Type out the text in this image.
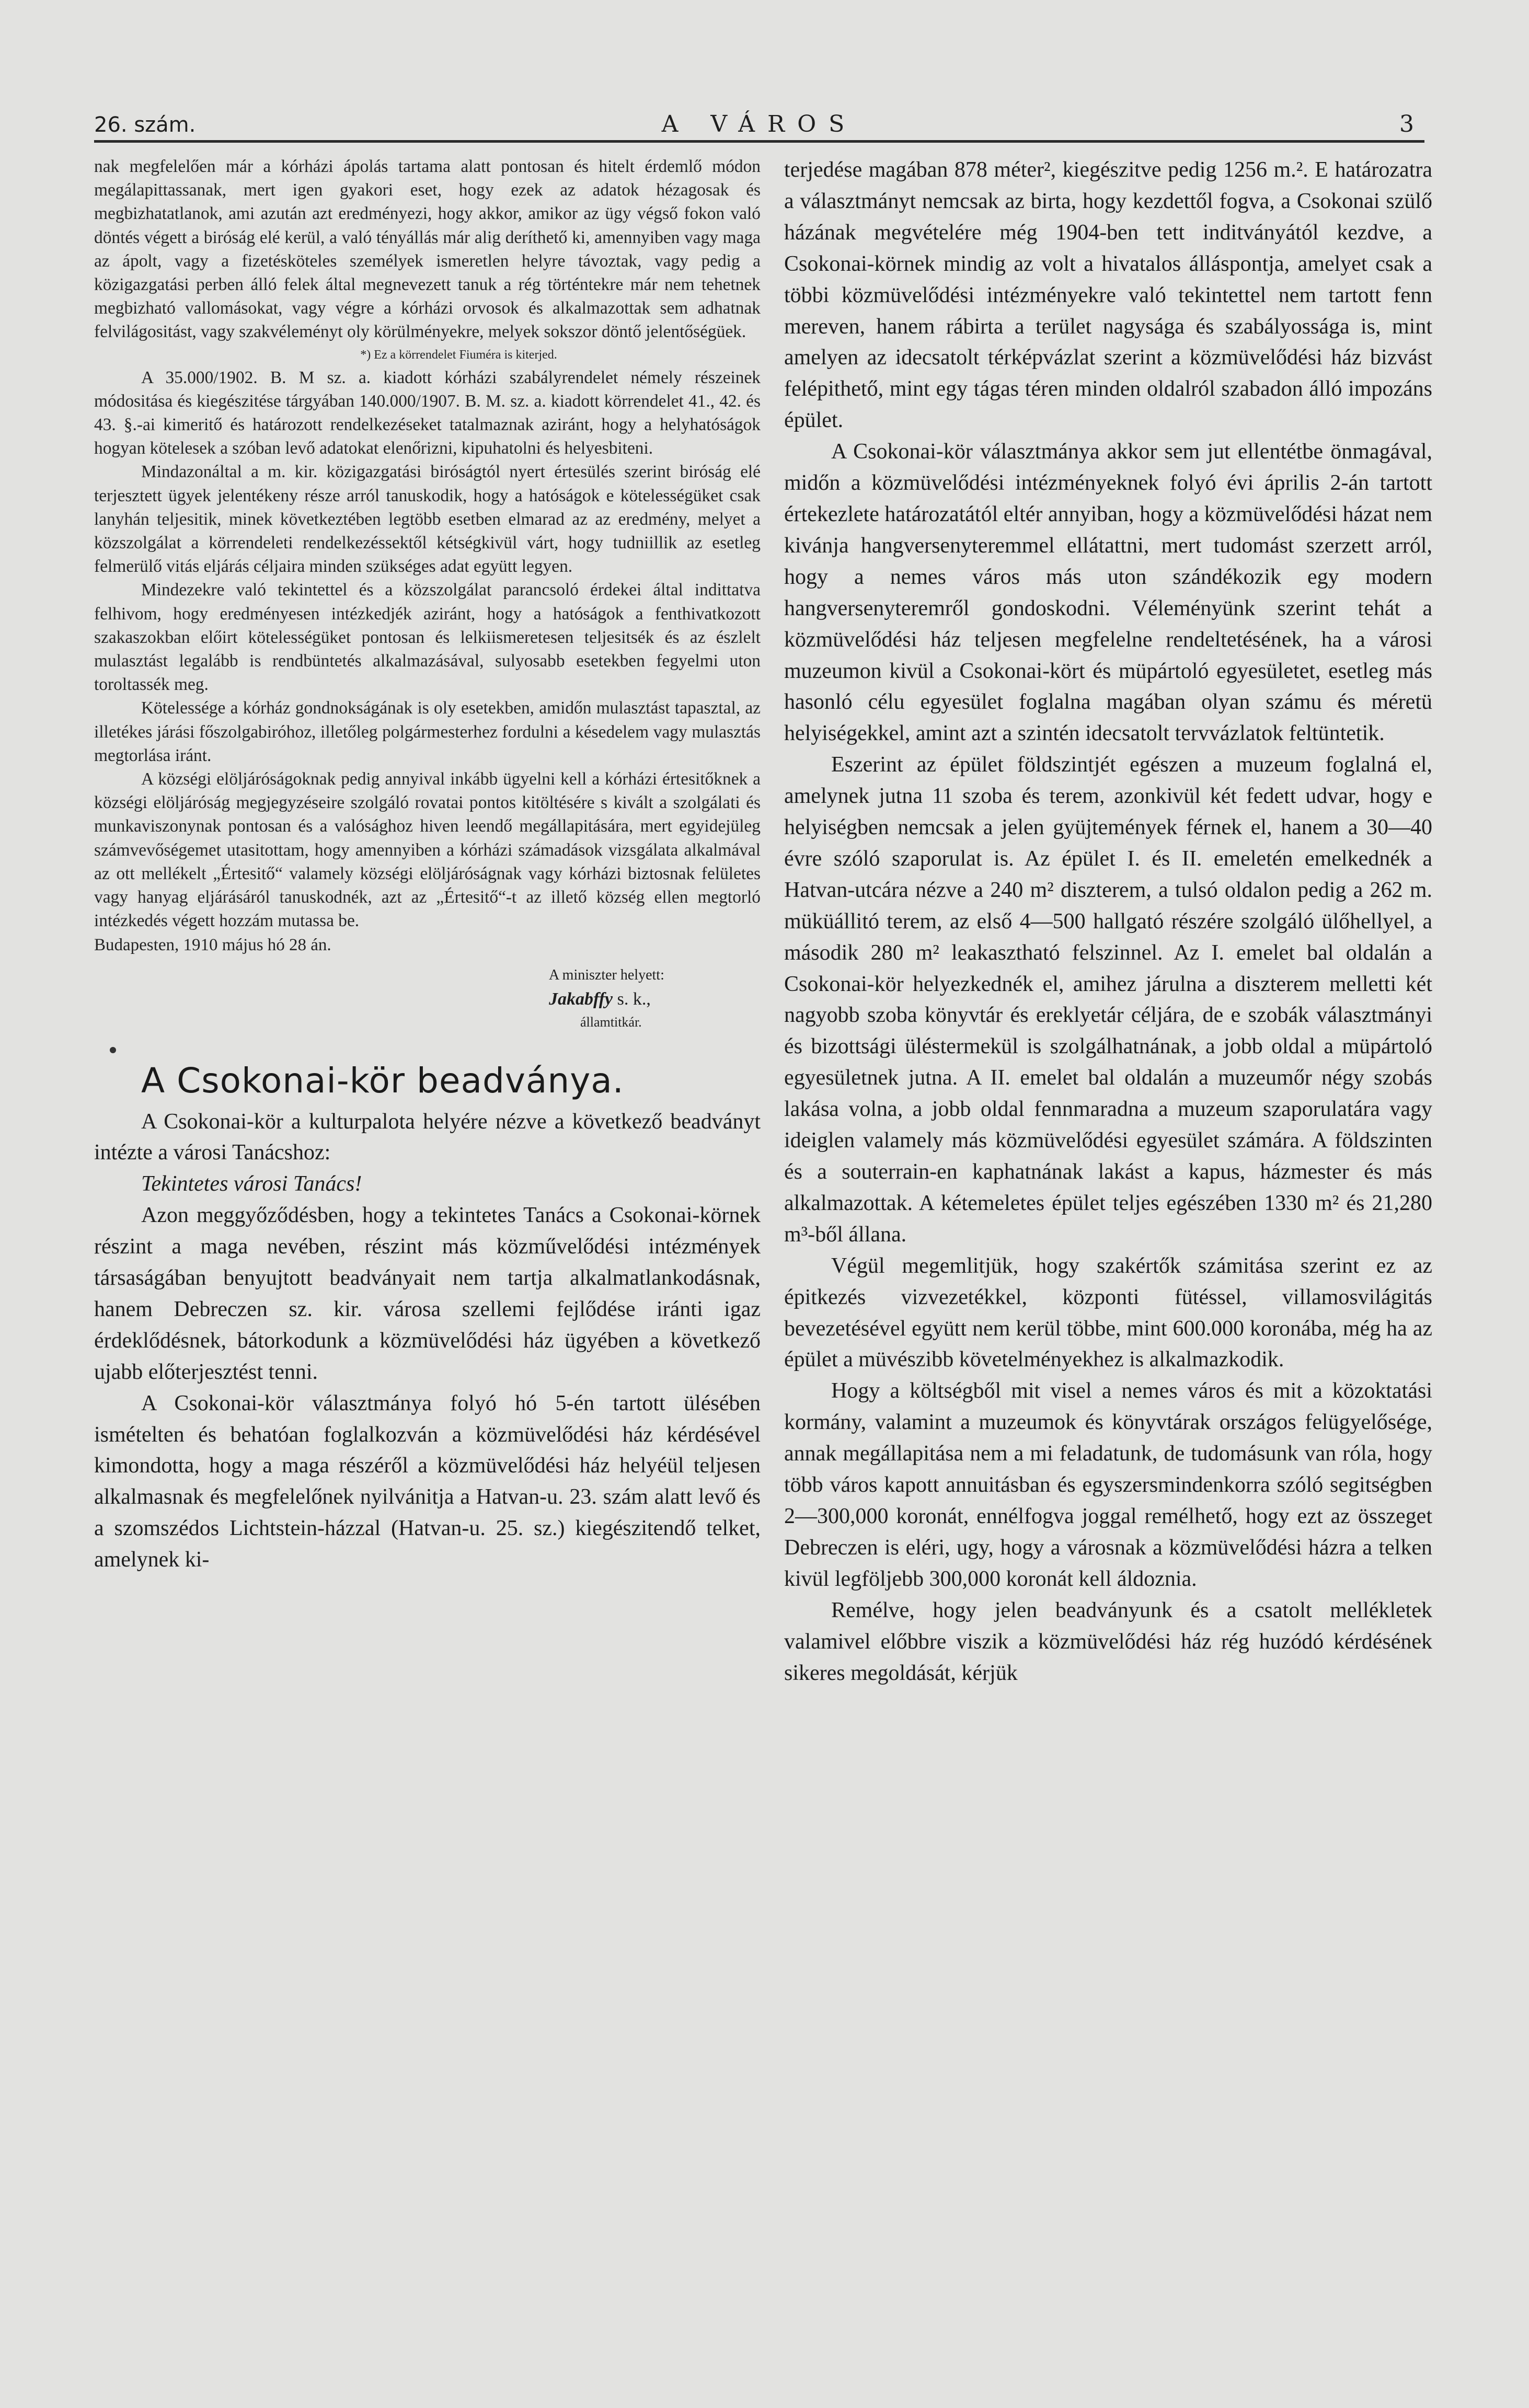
26. szám.	A VÁROS	3

nak megfelelően már a kórházi ápolás tartama alatt pontosan és hitelt érdemlő módon megálapittassanak, mert igen gyakori eset, hogy ezek az adatok hézagosak és megbizhatatlanok, ami azután azt eredményezi, hogy akkor, amikor az ügy végső fokon való döntés végett a biróság elé kerül, a való tényállás már alig deríthető ki, amennyiben vagy maga az ápolt, vagy a fizetésköteles személyek ismeretlen helyre távoztak, vagy pedig a közigazgatási perben álló felek által megnevezett tanuk a rég történtekre már nem tehetnek megbizható vallomásokat, vagy végre a kórházi orvosok és alkalmazottak sem adhatnak felvilágositást, vagy szakvéleményt oly körülményekre, melyek sokszor döntő jelentőségüek.

*) Ez a körrendelet Fiuméra is kiterjed.

A 35.000/1902. B. M sz. a. kiadott kórházi szabályrendelet némely részeinek módositása és kiegészitése tárgyában 140.000/1907. B. M. sz. a. kiadott körrendelet 41., 42. és 43. §.-ai kimeritő és határozott rendelkezéseket tatalmaznak aziránt, hogy a helyhatóságok hogyan kötelesek a szóban levő adatokat elenőrizni, kipuhatolni és helyesbiteni.

Mindazonáltal a m. kir. közigazgatási biróságtól nyert értesülés szerint biróság elé terjesztett ügyek jelentékeny része arról tanuskodik, hogy a hatóságok e kötelességüket csak lanyhán teljesitik, minek következtében legtöbb esetben elmarad az az eredmény, melyet a közszolgálat a körrendeleti rendelkezéssektől kétségkivül várt, hogy tudniillik az esetleg felmerülő vitás eljárás céljaira minden szükséges adat együtt legyen.

Mindezekre való tekintettel és a közszolgálat parancsoló érdekei által indittatva felhivom, hogy eredményesen intézkedjék aziránt, hogy a hatóságok a fenthivatkozott szakaszokban előirt kötelességüket pontosan és lelkiismeretesen teljesitsék és az észlelt mulasztást legalább is rendbüntetés alkalmazásával, sulyosabb esetekben fegyelmi uton toroltassék meg.

Kötelessége a kórház gondnokságának is oly esetekben, amidőn mulasztást tapasztal, az illetékes járási főszolgabiróhoz, illetőleg polgármesterhez fordulni a késedelem vagy mulasztás megtorlása iránt.

A községi elöljáróságoknak pedig annyival inkább ügyelni kell a kórházi értesitőknek a községi elöljáróság megjegyzéseire szolgáló rovatai pontos kitöltésére s kivált a szolgálati és munkaviszonynak pontosan és a valósághoz hiven leendő megállapitására, mert egyidejüleg számvevőségemet utasitottam, hogy amennyiben a kórházi számadások vizsgálata alkalmával az ott mellékelt „Értesitő“ valamely községi elöljáróságnak vagy kórházi biztosnak felületes vagy hanyag eljárásáról tanuskodnék, azt az „Értesitő“-t az illető község ellen megtorló intézkedés végett hozzám mutassa be.

Budapesten, 1910 május hó 28 án.

A miniszter helyett:
Jakabffy s. k.,
államtitkár.
A Csokonai-kör beadványa.

A Csokonai-kör a kulturpalota helyére nézve a következő beadványt intézte a városi Tanácshoz:

Tekintetes városi Tanács!

Azon meggyőződésben, hogy a tekintetes Tanács a Csokonai-körnek részint a maga nevében, részint más közművelődési intézmények társaságában benyujtott beadványait nem tartja alkalmatlankodásnak, hanem Debreczen sz. kir. városa szellemi fejlődése iránti igaz érdeklődésnek, bátorkodunk a közmüvelődési ház ügyében a következő ujabb előterjesztést tenni.

A Csokonai-kör választmánya folyó hó 5-én tartott ülésében ismételten és behatóan foglalkozván a közmüvelődési ház kérdésével kimondotta, hogy a maga részéről a közmüvelődési ház helyéül teljesen alkalmasnak és megfelelőnek nyilvánitja a Hatvan-u. 23. szám alatt levő és a szomszédos Lichtstein-házzal (Hatvan-u. 25. sz.) kiegészitendő telket, amelynek ki-

terjedése magában 878 méter², kiegészitve pedig 1256 m.². E határozatra a választmányt nemcsak az birta, hogy kezdettől fogva, a Csokonai szülő házának megvételére még 1904-ben tett inditványától kezdve, a Csokonai-körnek mindig az volt a hivatalos álláspontja, amelyet csak a többi közmüvelődési intézményekre való tekintettel nem tartott fenn mereven, hanem rábirta a terület nagysága és szabályossága is, mint amelyen az idecsatolt térképvázlat szerint a közmüvelődési ház bizvást felépithető, mint egy tágas téren minden oldalról szabadon álló impozáns épület.

A Csokonai-kör választmánya akkor sem jut ellentétbe önmagával, midőn a közmüvelődési intézményeknek folyó évi április 2-án tartott értekezlete határozatától eltér annyiban, hogy a közmüvelődési házat nem kivánja hangversenyteremmel ellátattni, mert tudomást szerzett arról, hogy a nemes város más uton szándékozik egy modern hangversenyteremről gondoskodni. Véleményünk szerint tehát a közmüvelődési ház teljesen megfelelne rendeltetésének, ha a városi muzeumon kivül a Csokonai-kört és müpártoló egyesületet, esetleg más hasonló célu egyesület foglalna magában olyan számu és méretü helyiségekkel, amint azt a szintén idecsatolt tervvázlatok feltüntetik.

Eszerint az épület földszintjét egészen a muzeum foglalná el, amelynek jutna 11 szoba és terem, azonkivül két fedett udvar, hogy e helyiségben nemcsak a jelen gyüjtemények férnek el, hanem a 30—40 évre szóló szaporulat is. Az épület I. és II. emeletén emelkednék a Hatvan-utcára nézve a 240 m² diszterem, a tulsó oldalon pedig a 262 m. müküállitó terem, az első 4—500 hallgató részére szolgáló ülőhellyel, a második 280 m² leakasztható felszinnel. Az I. emelet bal oldalán a Csokonai-kör helyezkednék el, amihez járulna a diszterem melletti két nagyobb szoba könyvtár és ereklyetár céljára, de e szobák választmányi és bizottsági üléstermekül is szolgálhatnának, a jobb oldal a müpártoló egyesületnek jutna. A II. emelet bal oldalán a muzeumőr négy szobás lakása volna, a jobb oldal fennmaradna a muzeum szaporulatára vagy ideiglen valamely más közmüvelődési egyesület számára. A földszinten és a souterrain-en kaphatnának lakást a kapus, házmester és más alkalmazottak. A kétemeletes épület teljes egészében 1330 m² és 21,280 m³-ből állana.

Végül megemlitjük, hogy szakértők számitása szerint ez az épitkezés vizvezetékkel, központi fütéssel, villamosvilágitás bevezetésével együtt nem kerül többe, mint 600.000 koronába, még ha az épület a müvészibb követelményekhez is alkalmazkodik.

Hogy a költségből mit visel a nemes város és mit a közoktatási kormány, valamint a muzeumok és könyvtárak országos felügyelősége, annak megállapitása nem a mi feladatunk, de tudomásunk van róla, hogy több város kapott annuitásban és egyszersmindenkorra szóló segitségben 2—300,000 koronát, ennélfogva joggal remélhető, hogy ezt az összeget Debreczen is eléri, ugy, hogy a városnak a közmüvelődési házra a telken kivül legföljebb 300,000 koronát kell áldoznia.

Remélve, hogy jelen beadványunk és a csatolt mellékletek valamivel előbbre viszik a közmüvelődési ház rég huzódó kérdésének sikeres megoldását, kérjük
